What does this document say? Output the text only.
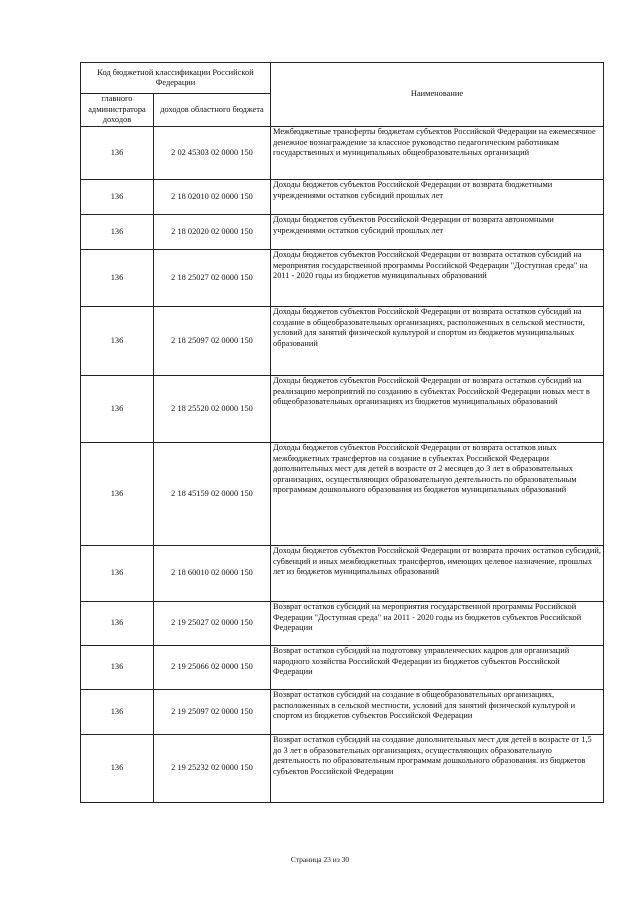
Код бюджетной классификации Российской Федерации		Наименование
главного администратора доходов	доходов областного бюджета	
136	2 02 45303 02 0000 150	Межбюджетные трансферты бюджетам субъектов Российской Федерации на ежемесячное денежное вознаграждение за классное руководство педагогическим работникам государственных и муниципальных общеобразовательных организаций
136	2 18 02010 02 0000 150	Доходы бюджетов субъектов Российской Федерации от возврата бюджетными учреждениями остатков субсидий прошлых лет
136	2 18 02020 02 0000 150	Доходы бюджетов субъектов Российской Федерации от возврата автономными учреждениями остатков субсидий прошлых лет
136	2 18 25027 02 0000 150	Доходы бюджетов субъектов Российской Федерации от возврата остатков субсидий на мероприятия государственной программы Российской Федерации "Доступная среда" на 2011 - 2020 годы из бюджетов муниципальных образований
136	2 18 25097 02 0000 150	Доходы бюджетов субъектов Российской Федерации от возврата остатков субсидий на создание в общеобразовательных организациях, расположенных в сельской местности, условий для занятий физической культурой и спортом из бюджетов муниципальных образований
136	2 18 25520 02 0000 150	Доходы бюджетов субъектов Российской Федерации от возврата остатков субсидий на реализацию мероприятий по созданию в субъектах Российской Федерации новых мест в общеобразовательных организациях из бюджетов муниципальных образований
136	2 18 45159 02 0000 150	Доходы бюджетов субъектов Российской Федерации от возврата остатков иных межбюджетных трансфертов на создание в субъектах Российской Федерации дополнительных мест для детей в возрасте от 2 месяцев до 3 лет в образовательных организациях, осуществляющих образовательную деятельность по образовательным программам дошкольного образования из бюджетов муниципальных образований
136	2 18 60010 02 0000 150	Доходы бюджетов субъектов Российской Федерации от возврата прочих остатков субсидий, субвенций и иных межбюджетных трансфертов, имеющих целевое назначение, прошлых лет из бюджетов муниципальных образований
136	2 19 25027 02 0000 150	Возврат остатков субсидий на мероприятия государственной программы Российской Федерации "Доступная среда" на 2011 - 2020 годы из бюджетов субъектов Российской Федерации
136	2 19 25066 02 0000 150	Возврат остатков субсидий на подготовку управленческих кадров для организаций народного хозяйства Российской Федерации из бюджетов субъектов Российской Федерации
136	2 19 25097 02 0000 150	Возврат остатков субсидий на создание в общеобразовательных организациях, расположенных в сельской местности, условий для занятий физической культурой и спортом из бюджетов субъектов Российской Федерации
136	2 19 25232 02 0000 150	Возврат остатков субсидий на создание дополнительных мест для детей в возрасте от 1,5 до 3 лет в образовательных организациях, осуществляющих образовательную деятельность по образовательным программам дошкольного образования. из бюджетов субъектов Российской Федерации
Страница 23 из 30
